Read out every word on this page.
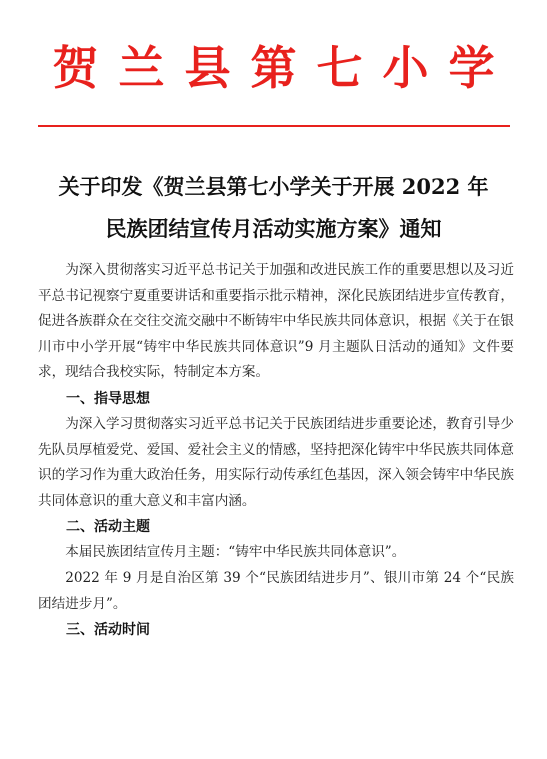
贺兰县第七小学
关于印发《贺兰县第七小学关于开展 2022 年
民族团结宣传月活动实施方案》通知

为深入贯彻落实习近平总书记关于加强和改进民族工作的重要思想以及习近平总书记视察宁夏重要讲话和重要指示批示精神，深化民族团结进步宣传教育，促进各族群众在交往交流交融中不断铸牢中华民族共同体意识，根据《关于在银川市中小学开展“铸牢中华民族共同体意识”9 月主题队日活动的通知》文件要求，现结合我校实际，特制定本方案。

一、指导思想

为深入学习贯彻落实习近平总书记关于民族团结进步重要论述，教育引导少先队员厚植爱党、爱国、爱社会主义的情感，坚持把深化铸牢中华民族共同体意识的学习作为重大政治任务，用实际行动传承红色基因，深入领会铸牢中华民族共同体意识的重大意义和丰富内涵。

二、活动主题

本届民族团结宣传月主题：“铸牢中华民族共同体意识”。

2022 年 9 月是自治区第 39 个“民族团结进步月”、银川市第 24 个“民族团结进步月”。

三、活动时间
